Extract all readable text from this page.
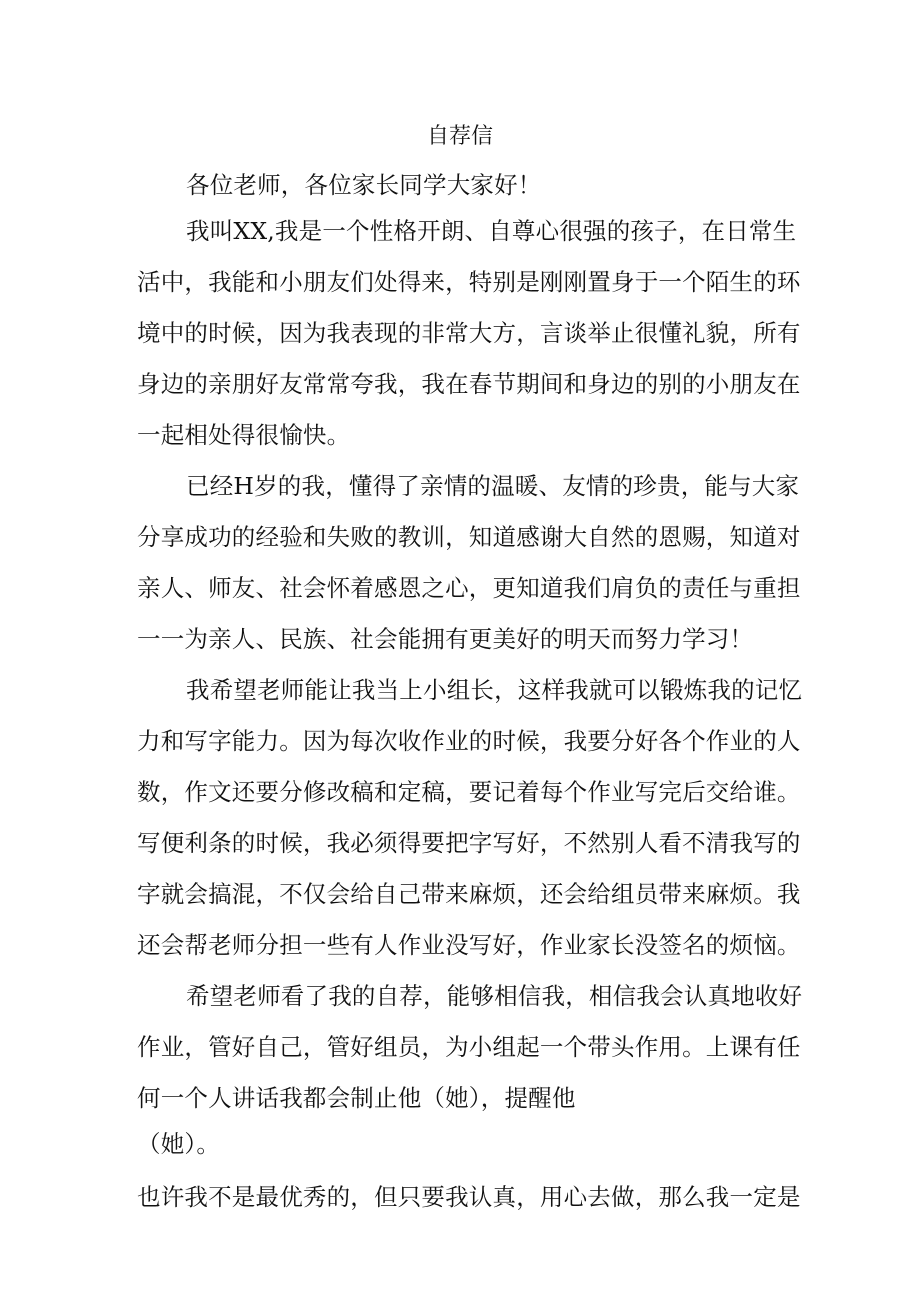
自荐信

各位老师，各位家长同学大家好！

我叫XX,我是一个性格开朗、自尊心很强的孩子，在日常生

活中，我能和小朋友们处得来，特别是刚刚置身于一个陌生的环

境中的时候，因为我表现的非常大方，言谈举止很懂礼貌，所有

身边的亲朋好友常常夸我，我在春节期间和身边的别的小朋友在

一起相处得很愉快。

已经H岁的我，懂得了亲情的温暖、友情的珍贵，能与大家

分享成功的经验和失败的教训，知道感谢大自然的恩赐，知道对

亲人、师友、社会怀着感恩之心，更知道我们肩负的责任与重担

一一为亲人、民族、社会能拥有更美好的明天而努力学习！

我希望老师能让我当上小组长，这样我就可以锻炼我的记忆

力和写字能力。因为每次收作业的时候，我要分好各个作业的人

数，作文还要分修改稿和定稿，要记着每个作业写完后交给谁。

写便利条的时候，我必须得要把字写好，不然别人看不清我写的

字就会搞混，不仅会给自己带来麻烦，还会给组员带来麻烦。我

还会帮老师分担一些有人作业没写好，作业家长没签名的烦恼。

希望老师看了我的自荐，能够相信我，相信我会认真地收好

作业，管好自己，管好组员，为小组起一个带头作用。上课有任

何一个人讲话我都会制止他（她），提醒他

（她）。

也许我不是最优秀的，但只要我认真，用心去做，那么我一定是
